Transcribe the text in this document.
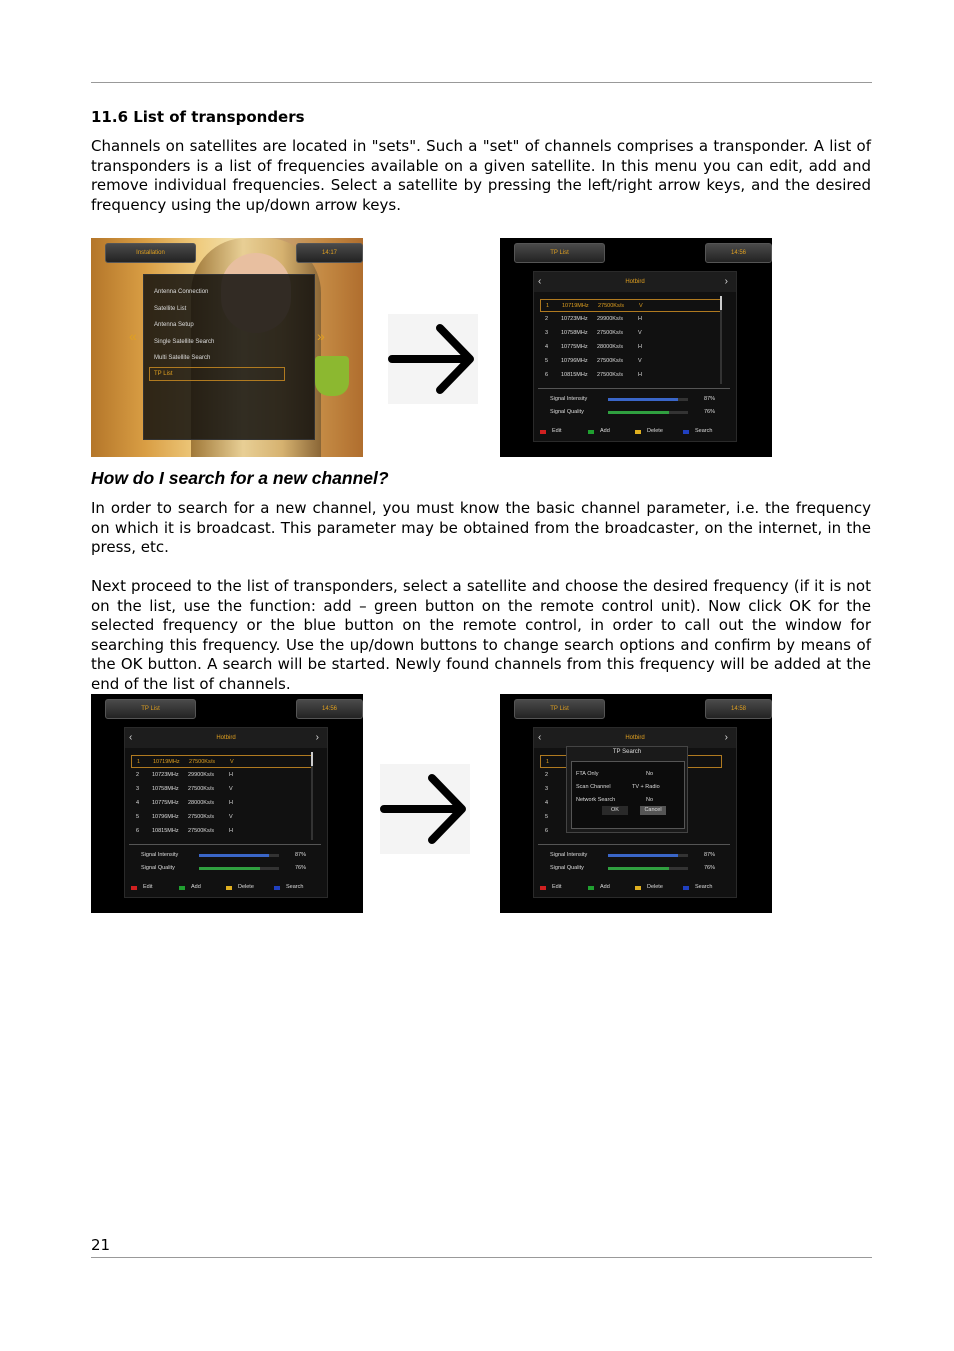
11.6 List of transponders
Channels on satellites are located in "sets". Such a "set" of channels comprises a transponder. A list of transponders is a list of frequencies available on a given satellite. In this menu you can edit, add and remove individual frequencies. Select a satellite by pressing the left/right arrow keys, and the desired frequency using the up/down arrow keys.
Installation	14:17
«	»
Antenna Connection
Satellite List
Antenna Setup
Single Satellite Search
Multi Satellite Search
TP List
TP List	14:56
Hotbird
‹	›
1 10719MHz 27500Ks/s	V
2 10723MHz 29900Ks/s	H
3 10758MHz 27500Ks/s	V
4 10775MHz 28000Ks/s	H
5 10796MHz 27500Ks/s	V
6 10815MHz 27500Ks/s	H
Signal Intensity	87%
Signal Quality	76%
Edit	Add	Delete	Search
How do I search for a new channel?
In order to search for a new channel, you must know the basic channel parameter, i.e. the frequency on which it is broadcast. This parameter may be obtained from the broadcaster, on the internet, in the press, etc.
Next proceed to the list of transponders, select a satellite and choose the desired frequency (if it is not on the list, use the function: add – green button on the remote control unit). Now click OK for the selected frequency or the blue button on the remote control, in order to call out the window for searching this frequency. Use the up/down buttons to change search options and confirm by means of the OK button. A search will be started. Newly found channels from this frequency will be added at the end of the list of channels.
TP List	14:56
Hotbird
‹	›
1 10719MHz 27500Ks/s	V
2 10723MHz 29900Ks/s	H
3 10758MHz 27500Ks/s	V
4 10775MHz 28000Ks/s	H
5 10796MHz 27500Ks/s	V
6 10815MHz 27500Ks/s	H
Signal Intensity	87%
Signal Quality	76%
Edit	Add	Delete	Search
TP List	14:58
Hotbird
‹	›
1
2
3
4
5
6
Signal Intensity	87%
Signal Quality	76%
Edit	Add	Delete	Search
TP Search
FTA Only	No
Scan Channel	TV + Radio
Network Search	No
OK	Cancel
21
